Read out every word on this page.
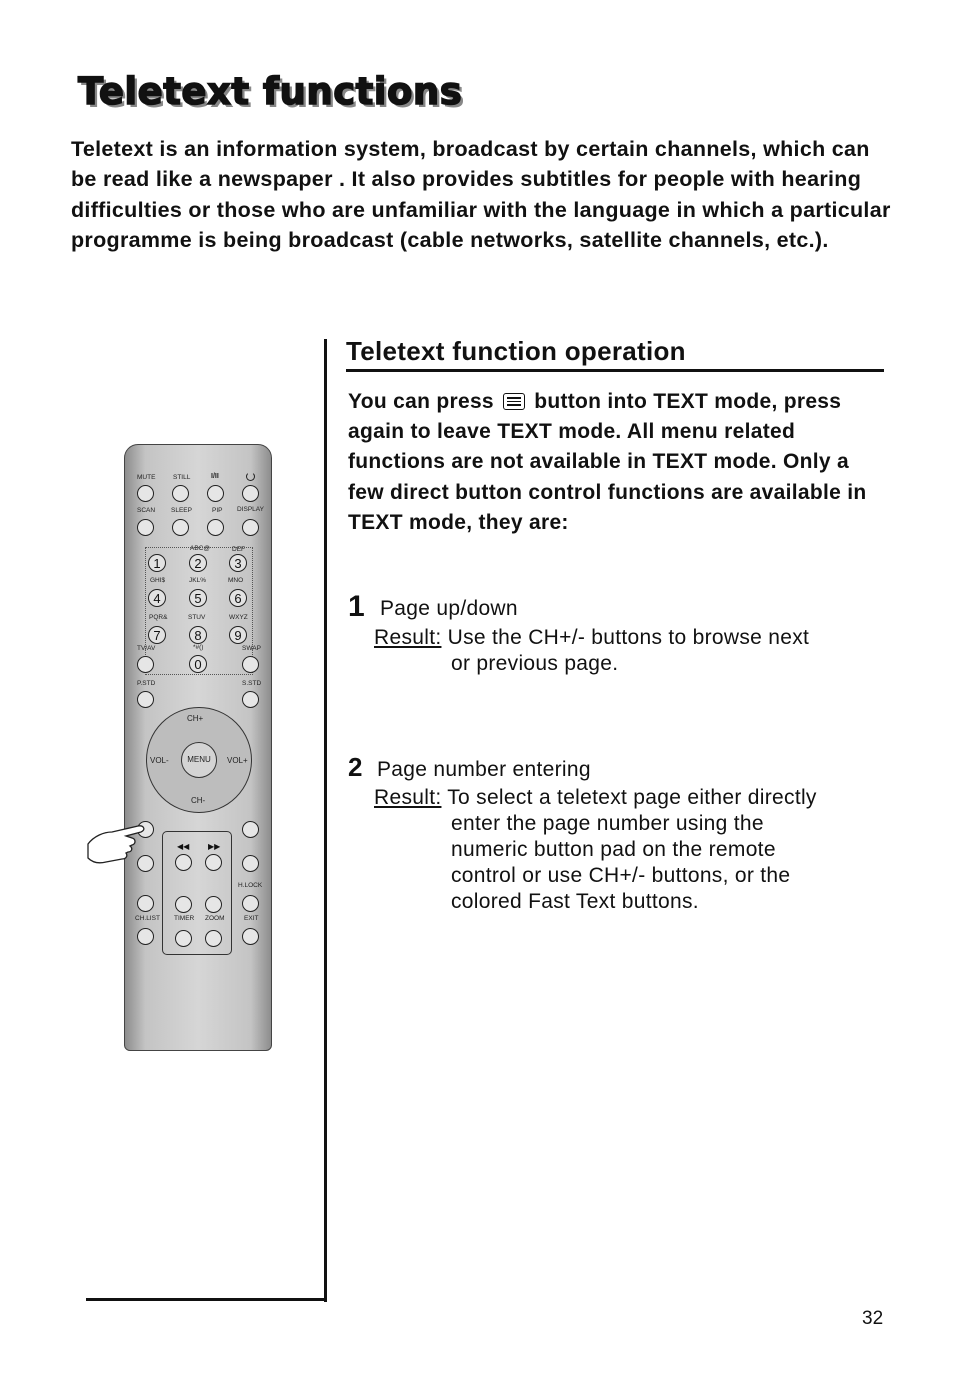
Teletext functions
Teletext is an information system, broadcast by certain channels, which can be read like a newspaper . It also provides subtitles for people with hearing difficulties or those who are unfamiliar with the language in which a particular programme is being broadcast (cable networks, satellite channels, etc.).
Teletext function operation
You can press button into TEXT mode, press again to leave TEXT mode. All menu related functions are not available in TEXT mode. Only a few direct button control functions are available in TEXT mode, they are:
1 Page up/down
Result: Use the CH+/- buttons to browse next
or previous page.
2 Page number entering
Result: To select a teletext page either directly
enter the page number using the numeric button pad on the remote control or use CH+/- buttons, or the colored Fast Text buttons.
MUTE	STILL	I/II
SCAN SLEEP	PIP DISPLAY
ABC@	DEF
1	2	3
GHI$	JKL%	MNO
4	5	6
PQR&	STUV	WXYZ
7	8	9
TV/AV	*#()	SWAP
0
P.STD	S.STD
CH+
CH-
VOL-	VOL+
MENU
◀◀ ▶▶
H.LOCK
CH.LIST TIMER ZOOM	EXIT
32
